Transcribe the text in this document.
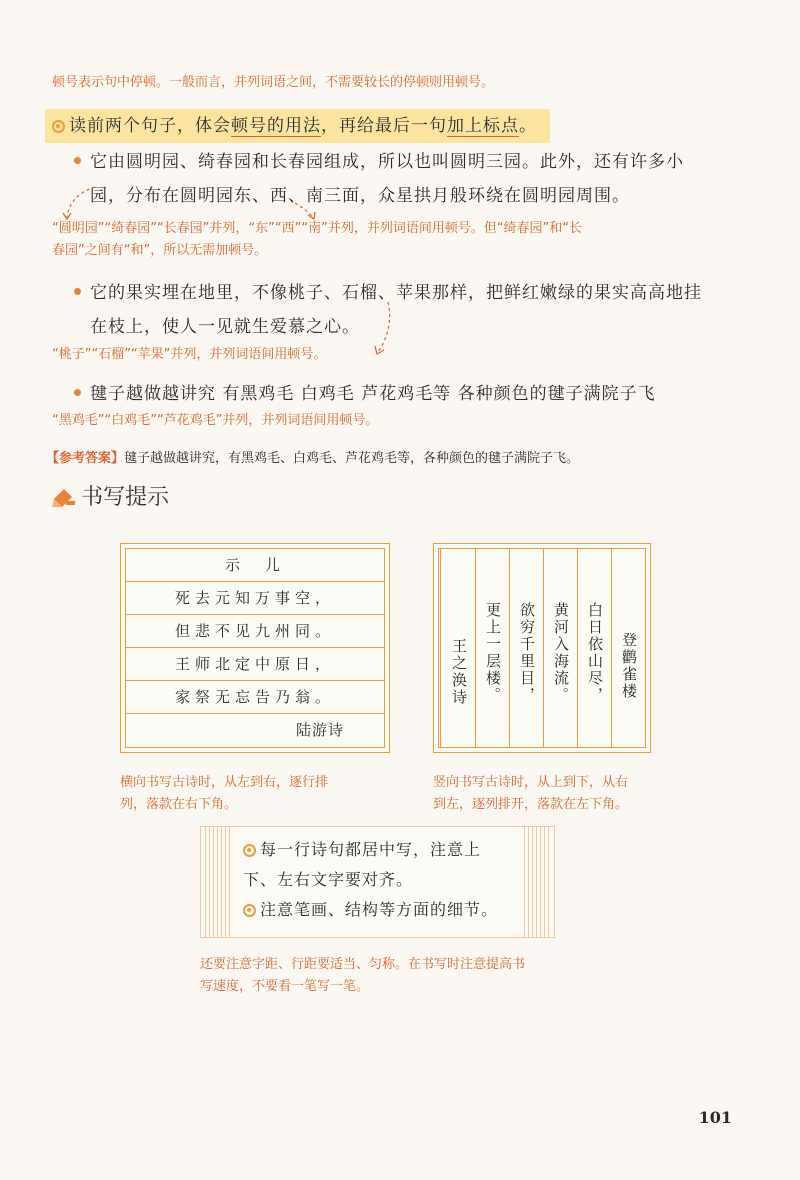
顿号表示句中停顿。一般而言，并列词语之间，不需要较长的停顿则用顿号。
读前两个句子，体会顿号的用法，再给最后一句加上标点。
它由圆明园、绮春园和长春园组成，所以也叫圆明三园。此外，还有许多小
园，分布在圆明园东、西、南三面，众星拱月般环绕在圆明园周围。
“圆明园”“绮春园”“长春园”并列，“东”“西”“南”并列，并列词语间用顿号。但“绮春园”和“长
春园”之间有“和”，所以无需加顿号。
它的果实埋在地里，不像桃子、石榴、苹果那样，把鲜红嫩绿的果实高高地挂
在枝上，使人一见就生爱慕之心。
“桃子”“石榴”“苹果”并列，并列词语间用顿号。
毽子越做越讲究 有黑鸡毛 白鸡毛 芦花鸡毛等 各种颜色的毽子满院子飞
“黑鸡毛”“白鸡毛”“芦花鸡毛”并列，并列词语间用顿号。
【参考答案】毽子越做越讲究，有黑鸡毛、白鸡毛、芦花鸡毛等，各种颜色的毽子满院子飞。
书写提示
示　儿
死去元知万事空，
但悲不见九州同。
王师北定中原日，
家祭无忘告乃翁。
陆游诗
登鹳雀楼
白日依山尽，
黄河入海流。
欲穷千里目，
更上一层楼。
王之涣诗
横向书写古诗时，从左到右，逐行排
列，落款在右下角。
竖向书写古诗时，从上到下，从右
到左，逐列排开，落款在左下角。
每一行诗句都居中写，注意上
下、左右文字要对齐。
注意笔画、结构等方面的细节。
还要注意字距、行距要适当、匀称。在书写时注意提高书
写速度，不要看一笔写一笔。
101
